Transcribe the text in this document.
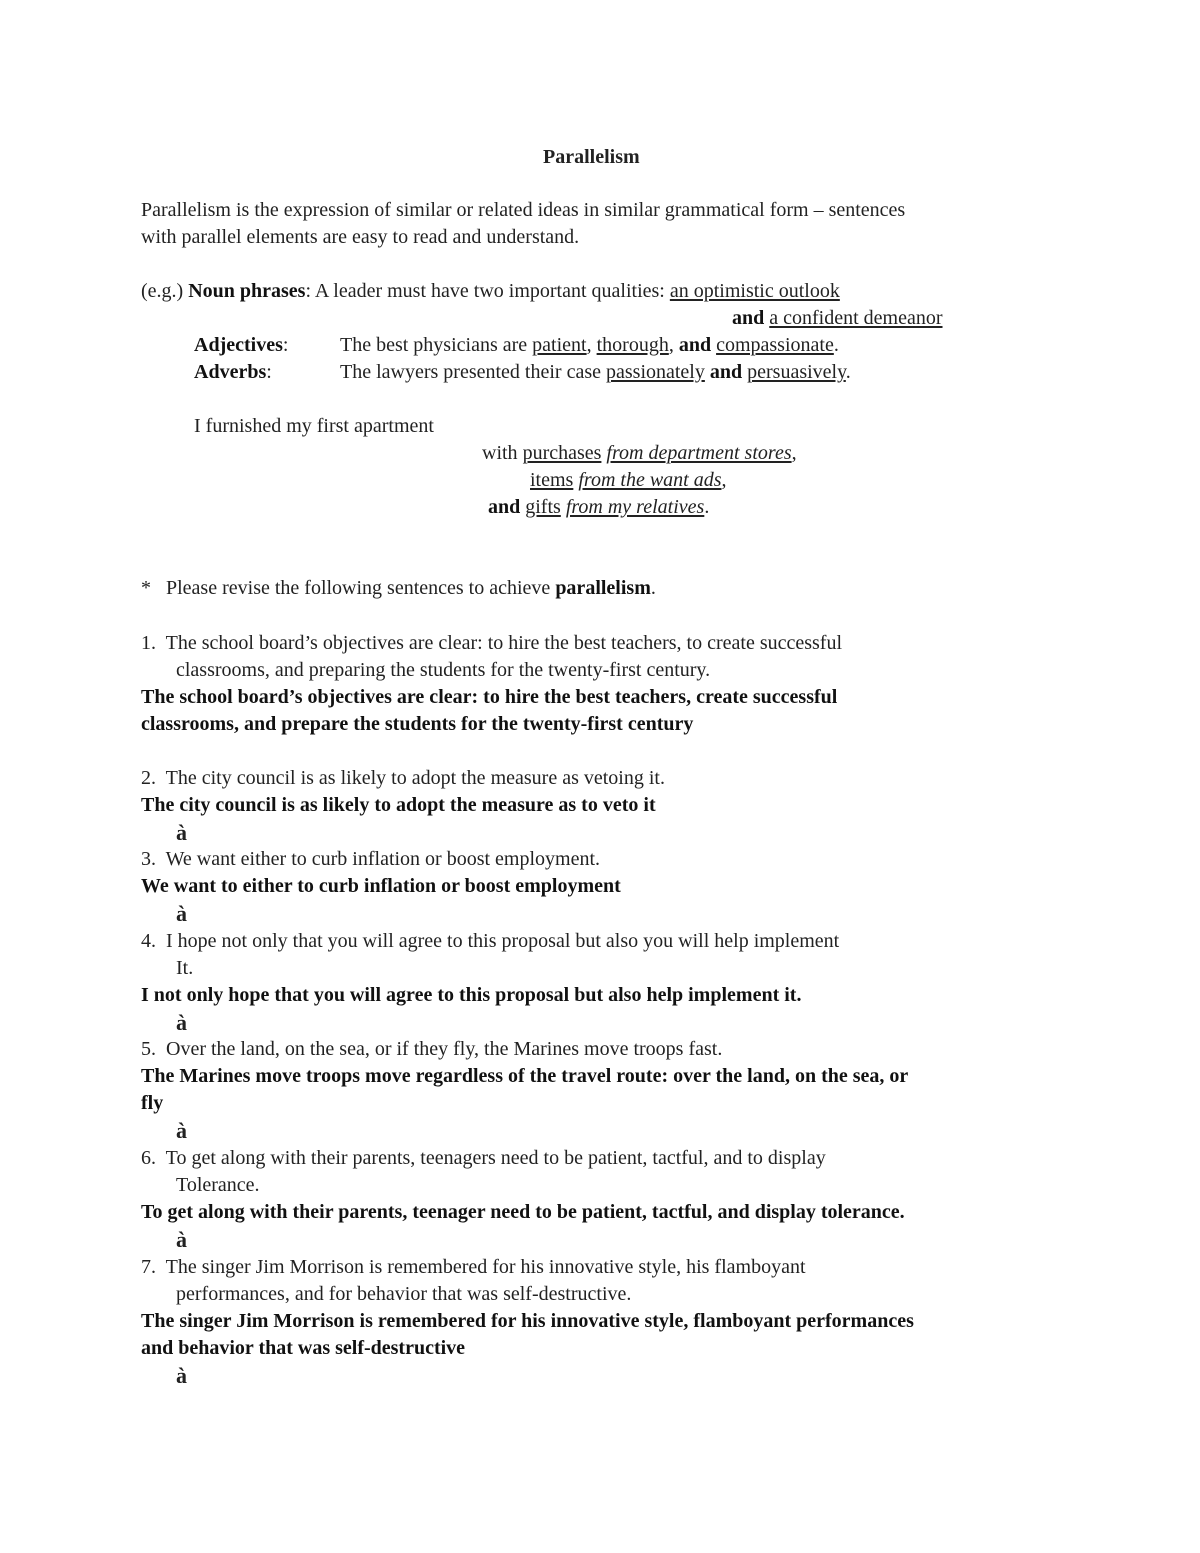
Parallelism
Parallelism is the expression of similar or related ideas in similar grammatical form – sentences
with parallel elements are easy to read and understand.
(e.g.) Noun phrases: A leader must have two important qualities: an optimistic outlook
and a confident demeanor
Adjectives:	The best physicians are patient, thorough, and compassionate.
Adverbs:	The lawyers presented their case passionately and persuasively.
I furnished my first apartment
with purchases from department stores,
items from the want ads,
and gifts from my relatives.
* Please revise the following sentences to achieve parallelism.
1. The school board’s objectives are clear: to hire the best teachers, to create successful
classrooms, and preparing the students for the twenty-first century.
The school board’s objectives are clear: to hire the best teachers, create successful
classrooms, and prepare the students for the twenty-first century
2. The city council is as likely to adopt the measure as vetoing it.
The city council is as likely to adopt the measure as to veto it
à
3. We want either to curb inflation or boost employment.
We want to either to curb inflation or boost employment
à
4. I hope not only that you will agree to this proposal but also you will help implement
It.
I not only hope that you will agree to this proposal but also help implement it.
à
5. Over the land, on the sea, or if they fly, the Marines move troops fast.
The Marines move troops move regardless of the travel route: over the land, on the sea, or
fly
à
6. To get along with their parents, teenagers need to be patient, tactful, and to display
Tolerance.
To get along with their parents, teenager need to be patient, tactful, and display tolerance.
à
7. The singer Jim Morrison is remembered for his innovative style, his flamboyant
performances, and for behavior that was self-destructive.
The singer Jim Morrison is remembered for his innovative style, flamboyant performances
and behavior that was self-destructive
à
